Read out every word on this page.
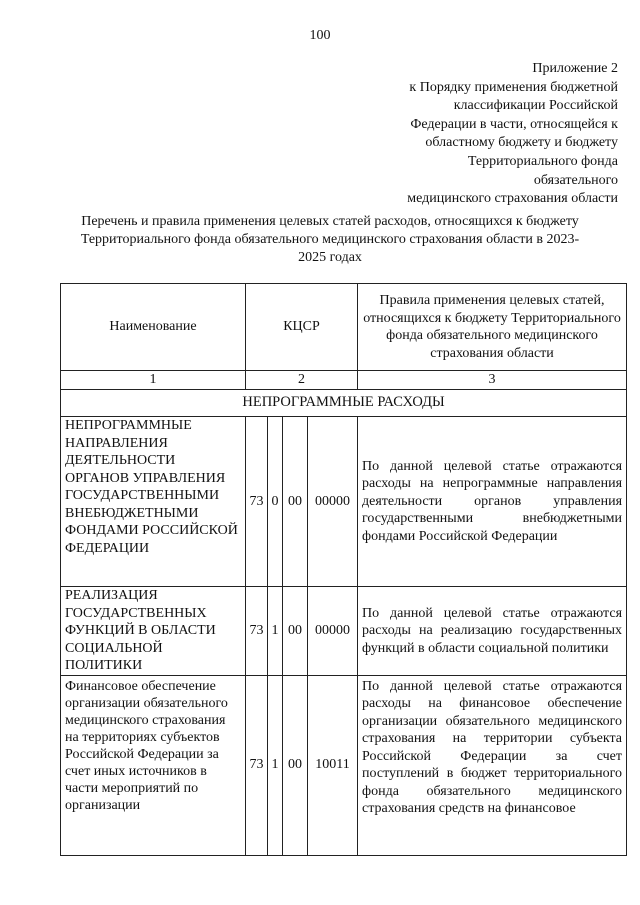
100
Приложение 2
к Порядку применения бюджетной
классификации Российской
Федерации в части, относящейся к
областному бюджету и бюджету
Территориального фонда
обязательного
медицинского страхования области
Перечень и правила применения целевых статей расходов, относящихся к бюджету
Территориального фонда обязательного медицинского страхования области в 2023-
2025 годах
Наименование	КЦСР				Правила применения целевых статей, относящихся к бюджету Территориального фонда обязательного медицинского страхования области
1	2				3
НЕПРОГРАММНЫЕ РАСХОДЫ					
НЕПРОГРАММНЫЕ НАПРАВЛЕНИЯ ДЕЯТЕЛЬНОСТИ ОРГАНОВ УПРАВЛЕНИЯ ГОСУДАРСТВЕННЫМИ ВНЕБЮДЖЕТНЫМИ ФОНДАМИ РОССИЙСКОЙ ФЕДЕРАЦИИ	73	0	00	00000	По данной целевой статье отражаются расходы на непрограммные направления деятельности органов управления государственными внебюджетными фондами Российской Федерации
РЕАЛИЗАЦИЯ ГОСУДАРСТВЕННЫХ ФУНКЦИЙ В ОБЛАСТИ СОЦИАЛЬНОЙ ПОЛИТИКИ	73	1	00	00000	По данной целевой статье отражаются расходы на реализацию государственных функций в области социальной политики
Финансовое обеспечение организации обязательного медицинского страхования на территориях субъектов Российской Федерации за счет иных источников в части мероприятий по организации	73	1	00	10011	По данной целевой статье отражаются расходы на финансовое обеспечение организации обязательного медицинского страхования на территории субъекта Российской Федерации за счет поступлений в бюджет территориального фонда обязательного медицинского страхования средств на финансовое
